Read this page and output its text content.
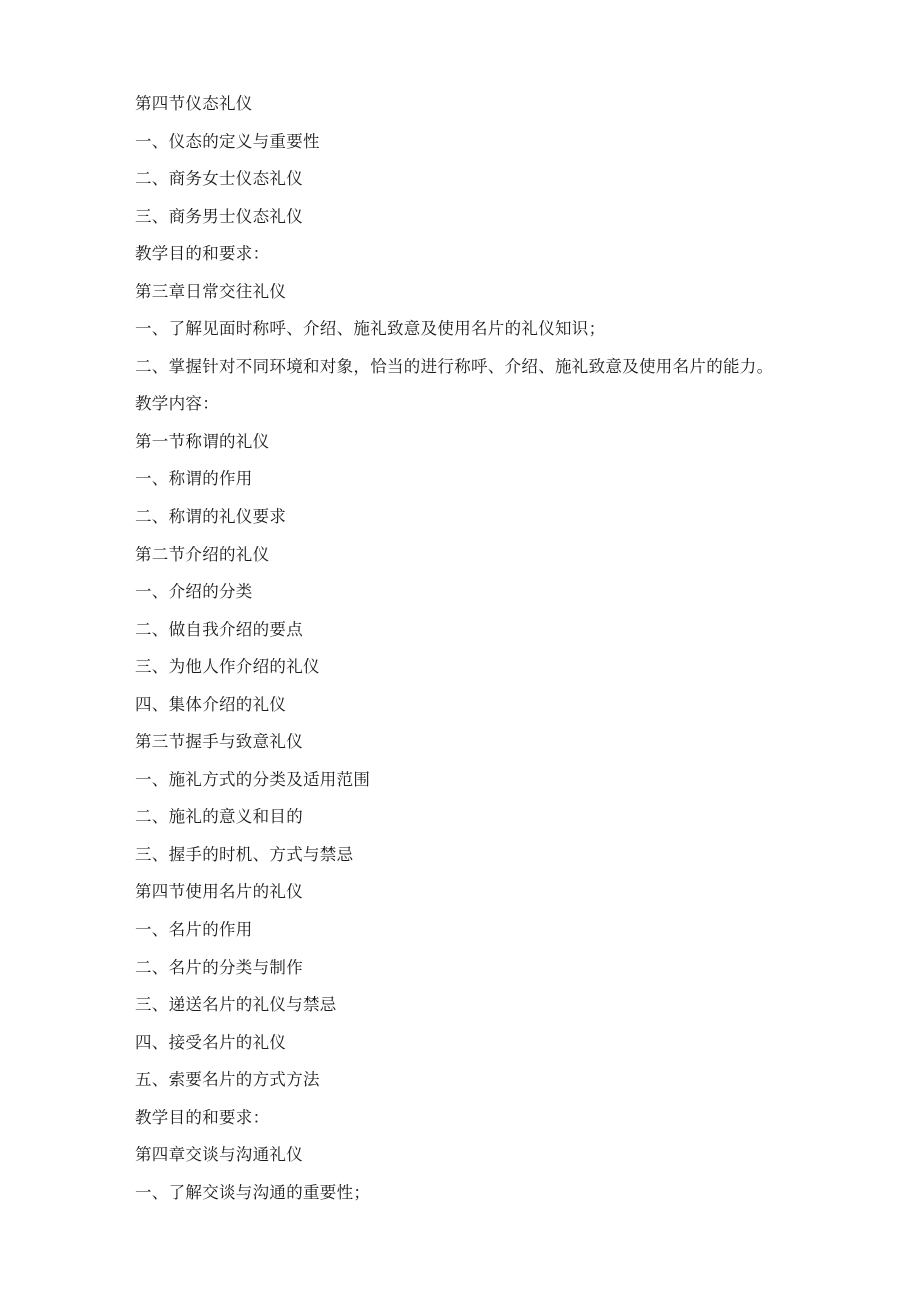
第四节仪态礼仪
一、仪态的定义与重要性
二、商务女士仪态礼仪
三、商务男士仪态礼仪
教学目的和要求：
第三章日常交往礼仪
一、了解见面时称呼、介绍、施礼致意及使用名片的礼仪知识；
二、掌握针对不同环境和对象，恰当的进行称呼、介绍、施礼致意及使用名片的能力。
教学内容：
第一节称谓的礼仪
一、称谓的作用
二、称谓的礼仪要求
第二节介绍的礼仪
一、介绍的分类
二、做自我介绍的要点
三、为他人作介绍的礼仪
四、集体介绍的礼仪
第三节握手与致意礼仪
一、施礼方式的分类及适用范围
二、施礼的意义和目的
三、握手的时机、方式与禁忌
第四节使用名片的礼仪
一、名片的作用
二、名片的分类与制作
三、递送名片的礼仪与禁忌
四、接受名片的礼仪
五、索要名片的方式方法
教学目的和要求：
第四章交谈与沟通礼仪
一、了解交谈与沟通的重要性；
